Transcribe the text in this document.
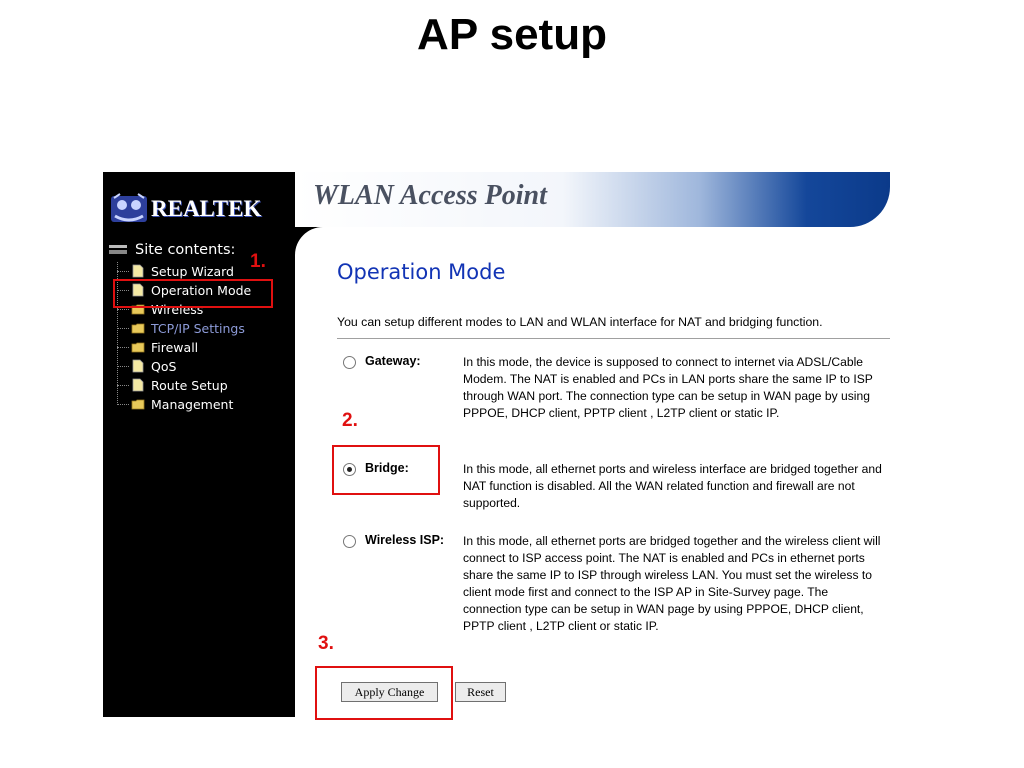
AP setup
REALTEK
Site contents:
Setup Wizard
Operation Mode
Wireless
TCP/IP Settings
Firewall
QoS
Route Setup
Management
WLAN Access Point
Operation Mode
You can setup different modes to LAN and WLAN interface for NAT and bridging function.
Gateway:	In this mode, the device is supposed to connect to internet via ADSL/Cable Modem. The NAT is enabled and PCs in LAN ports share the same IP to ISP through WAN port. The connection type can be setup in WAN page by using PPPOE, DHCP client, PPTP client , L2TP client or static IP.
Bridge:	In this mode, all ethernet ports and wireless interface are bridged together and NAT function is disabled. All the WAN related function and firewall are not supported.
Wireless ISP: In this mode, all ethernet ports are bridged together and the wireless client will connect to ISP access point. The NAT is enabled and PCs in ethernet ports share the same IP to ISP through wireless LAN. You must set the wireless to client mode first and connect to the ISP AP in Site-Survey page. The connection type can be setup in WAN page by using PPPOE, DHCP client, PPTP client , L2TP client or static IP.
Apply Change	Reset
1.
2.
3.
